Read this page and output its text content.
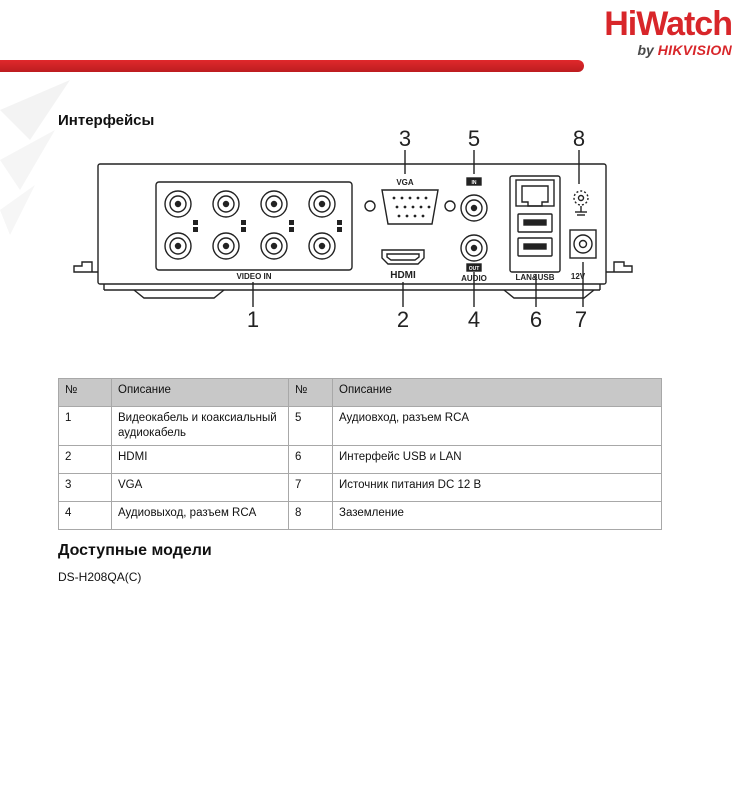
HiWatch
by HIKVISION
Интерфейсы
VIDEO IN
VGA
HDMI	AUDIO
IN
OUT
LAN&USB 12V
1	2
3
4
5
6 7
8
№	Описание	№	Описание
1	Видеокабель и коаксиальный аудиокабель	5	Аудиовход, разъем RCA
2	HDMI	6	Интерфейс USB и LAN
3	VGA	7	Источник питания DC 12 В
4	Аудиовыход, разъем RCA	8	Заземление
Доступные модели
DS-H208QA(C)
